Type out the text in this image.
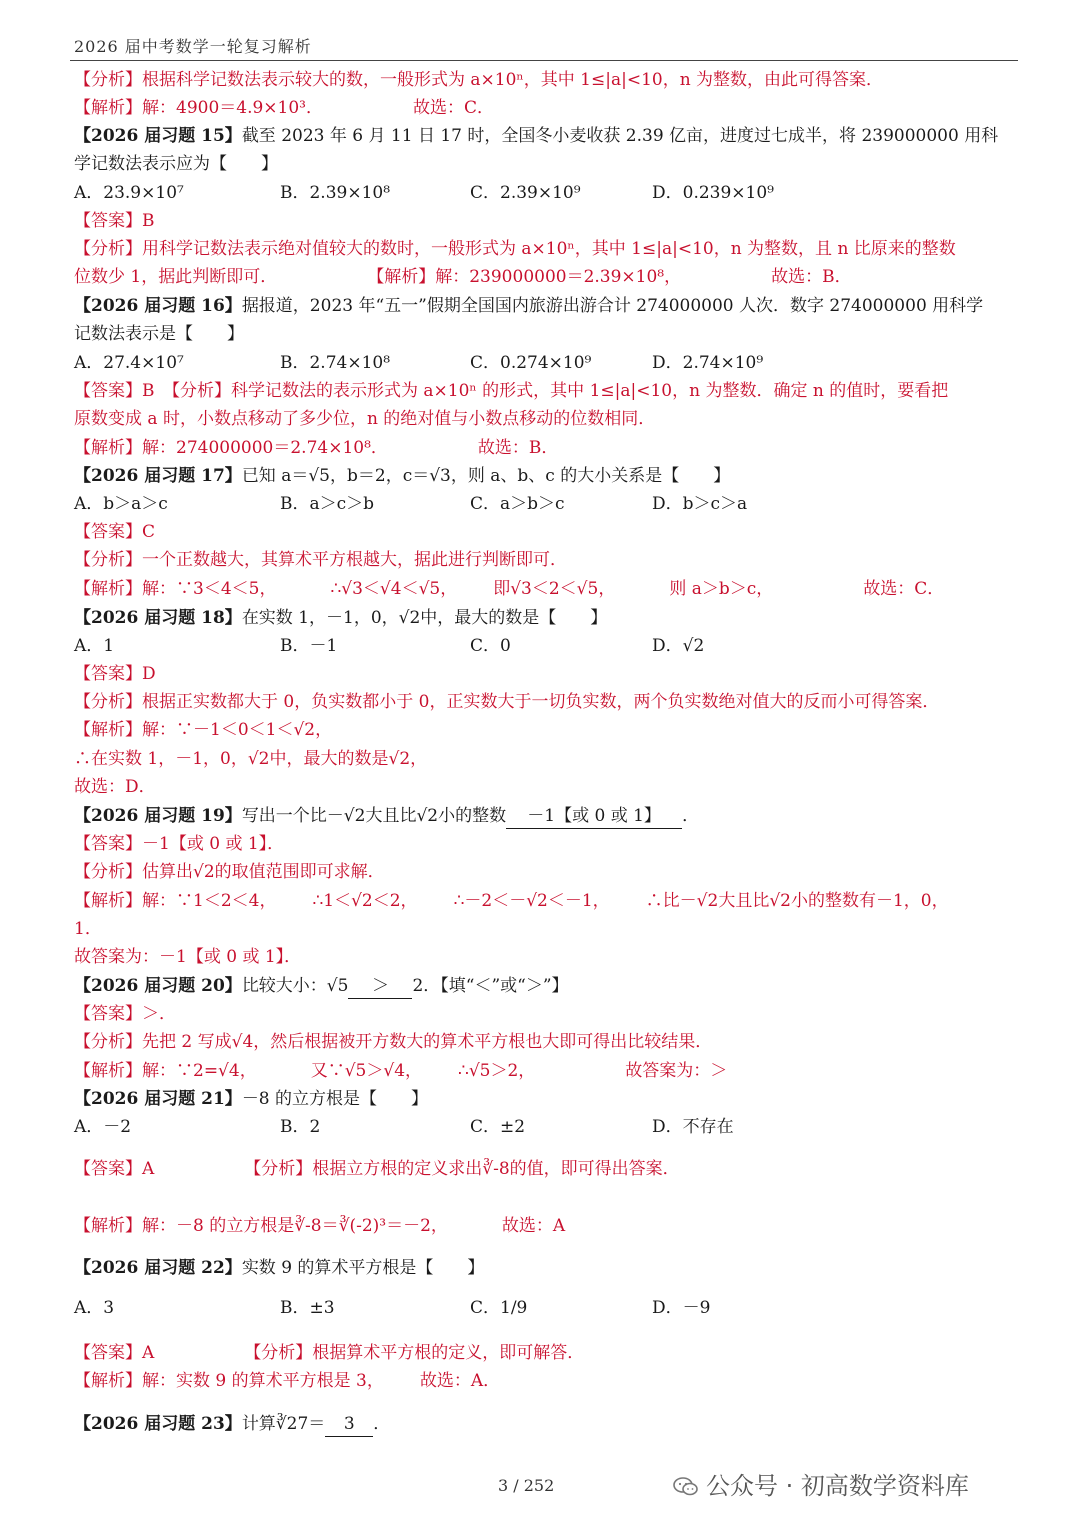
2026 届中考数学一轮复习解析
【分析】根据科学记数法表示较大的数，一般形式为 a×10ⁿ，其中 1≤|a|<10，n 为整数，由此可得答案．
【解析】解：4900＝4.9×10³．	故选：C．
【2026 届习题 15】截至 2023 年 6 月 11 日 17 时，全国冬小麦收获 2.39 亿亩，进度过七成半，将 239000000 用科
学记数法表示应为【　　】
A．23.9×10⁷	B．2.39×10⁸	C．2.39×10⁹	D．0.239×10⁹
【答案】B
【分析】用科学记数法表示绝对值较大的数时，一般形式为 a×10ⁿ，其中 1≤|a|<10，n 为整数，且 n 比原来的整数
位数少 1，据此判断即可．	【解析】解：239000000＝2.39×10⁸，	故选：B．
【2026 届习题 16】据报道，2023 年“五一”假期全国国内旅游出游合计 274000000 人次．数字 274000000 用科学
记数法表示是【　　】
A．27.4×10⁷	B．2.74×10⁸	C．0.274×10⁹	D．2.74×10⁹
【答案】B　【分析】科学记数法的表示形式为 a×10ⁿ 的形式，其中 1≤|a|<10，n 为整数．确定 n 的值时，要看把
原数变成 a 时，小数点移动了多少位，n 的绝对值与小数点移动的位数相同．
【解析】解：274000000＝2.74×10⁸．	故选：B．
【2026 届习题 17】已知 a＝√5，b＝2，c＝√3，则 a、b、c 的大小关系是【　　】
A．b＞a＞c	B．a＞c＞b	C．a＞b＞c	D．b＞c＞a
【答案】C
【分析】一个正数越大，其算术平方根越大，据此进行判断即可．
【解析】解：∵3＜4＜5，	∴√3＜√4＜√5， 即√3＜2＜√5，	则 a＞b＞c，	故选：C．
【2026 届习题 18】在实数 1，－1，0，√2中，最大的数是【　　】
A．1	B．－1	C．0	D．√2
【答案】D
【分析】根据正实数都大于 0，负实数都小于 0，正实数大于一切负实数，两个负实数绝对值大的反而小可得答案．
【解析】解：∵－1＜0＜1＜√2，
∴在实数 1，－1，0，√2中，最大的数是√2，
故选：D．
【2026 届习题 19】写出一个比－√2大且比√2小的整数 －1【或 0 或 1】 ．
【答案】－1【或 0 或 1】．
【分析】估算出√2的取值范围即可求解．
【解析】解：∵1＜2＜4， ∴1＜√2＜2， ∴－2＜－√2＜－1， ∴比－√2大且比√2小的整数有－1，0，
1．
故答案为：－1【或 0 或 1】．
【2026 届习题 20】比较大小：√5 ＞ 2．【填“＜”或“＞”】
【答案】＞．
【分析】先把 2 写成√4，然后根据被开方数大的算术平方根也大即可得出比较结果．
【解析】解：∵2=√4，	又∵√5＞√4， ∴√5＞2，	故答案为：＞
【2026 届习题 21】－8 的立方根是【　　】
A．－2	B．2	C．±2	D．不存在
【答案】A	【分析】根据立方根的定义求出∛-8的值，即可得出答案．
【解析】解：－8 的立方根是∛-8＝∛(-2)³＝－2，	故选：A
【2026 届习题 22】实数 9 的算术平方根是【　　】
A．3	B．±3	C．1/9	D．－9
【答案】A	【分析】根据算术平方根的定义，即可解答．
【解析】解：实数 9 的算术平方根是 3， 故选：A．
【2026 届习题 23】计算∛27＝ 3 ．
3 / 252	公众号 · 初高数学资料库
